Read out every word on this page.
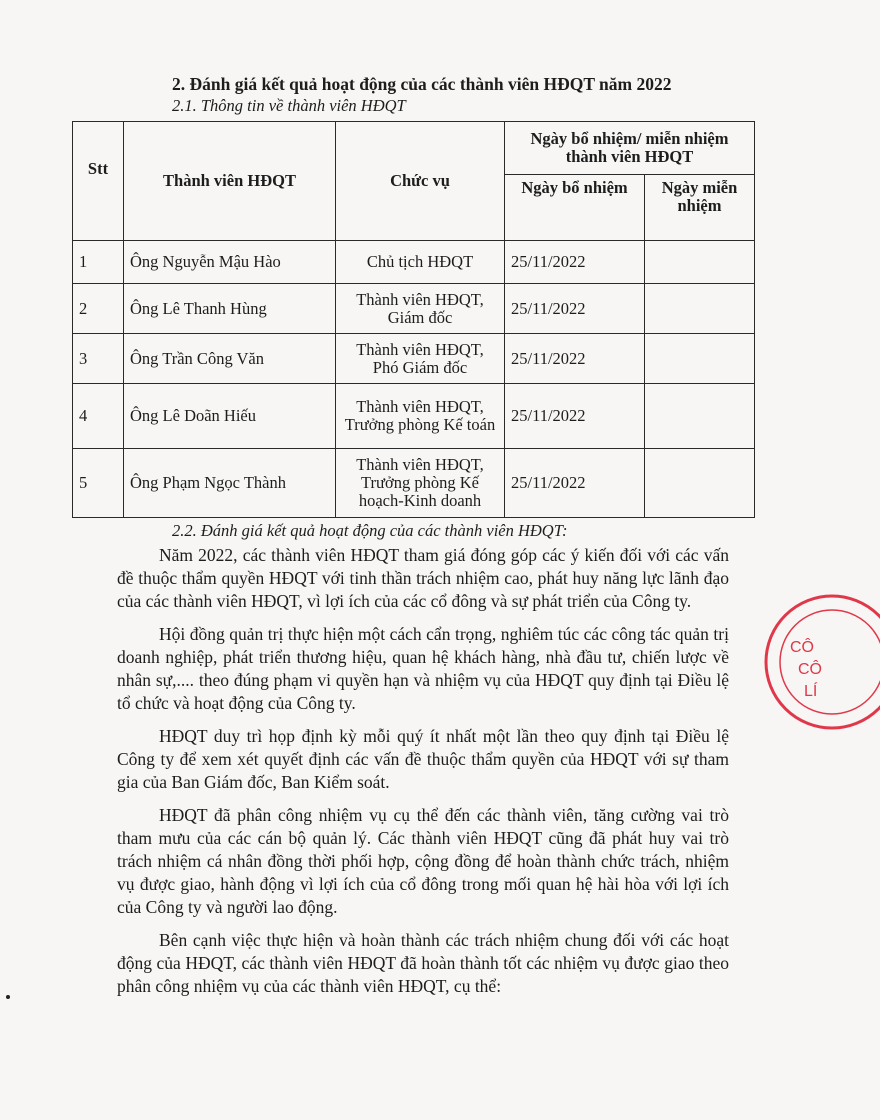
2. Đánh giá kết quả hoạt động của các thành viên HĐQT năm 2022
2.1. Thông tin về thành viên HĐQT
Stt	Thành viên HĐQT	Chức vụ	Ngày bổ nhiệm/ miễn nhiệm thành viên HĐQT	
			Ngày bổ nhiệm	Ngày miễn nhiệm
1	Ông Nguyễn Mậu Hào	Chủ tịch HĐQT	25/11/2022	
2	Ông Lê Thanh Hùng	Thành viên HĐQT, Giám đốc	25/11/2022	
3	Ông Trần Công Văn	Thành viên HĐQT, Phó Giám đốc	25/11/2022	
4	Ông Lê Doãn Hiếu	Thành viên HĐQT, Trưởng phòng Kế toán	25/11/2022	
5	Ông Phạm Ngọc Thành	Thành viên HĐQT, Trưởng phòng Kế hoạch-Kinh doanh	25/11/2022	
2.2. Đánh giá kết quả hoạt động của các thành viên HĐQT:

Năm 2022, các thành viên HĐQT tham giá đóng góp các ý kiến đối với các vấn đề thuộc thẩm quyền HĐQT với tinh thần trách nhiệm cao, phát huy năng lực lãnh đạo của các thành viên HĐQT, vì lợi ích của các cổ đông và sự phát triển của Công ty.

Hội đồng quản trị thực hiện một cách cẩn trọng, nghiêm túc các công tác quản trị doanh nghiệp, phát triển thương hiệu, quan hệ khách hàng, nhà đầu tư, chiến lược về nhân sự,.... theo đúng phạm vi quyền hạn và nhiệm vụ của HĐQT quy định tại Điều lệ tổ chức và hoạt động của Công ty.

HĐQT duy trì họp định kỳ mỗi quý ít nhất một lần theo quy định tại Điều lệ Công ty để xem xét quyết định các vấn đề thuộc thẩm quyền của HĐQT với sự tham gia của Ban Giám đốc, Ban Kiểm soát.

HĐQT đã phân công nhiệm vụ cụ thể đến các thành viên, tăng cường vai trò tham mưu của các cán bộ quản lý. Các thành viên HĐQT cũng đã phát huy vai trò trách nhiệm cá nhân đồng thời phối hợp, cộng đồng để hoàn thành chức trách, nhiệm vụ được giao, hành động vì lợi ích của cổ đông trong mối quan hệ hài hòa với lợi ích của Công ty và người lao động.

Bên cạnh việc thực hiện và hoàn thành các trách nhiệm chung đối với các hoạt động của HĐQT, các thành viên HĐQT đã hoàn thành tốt các nhiệm vụ được giao theo phân công nhiệm vụ của các thành viên HĐQT, cụ thể:

CÔ
CÔ
LÍ
